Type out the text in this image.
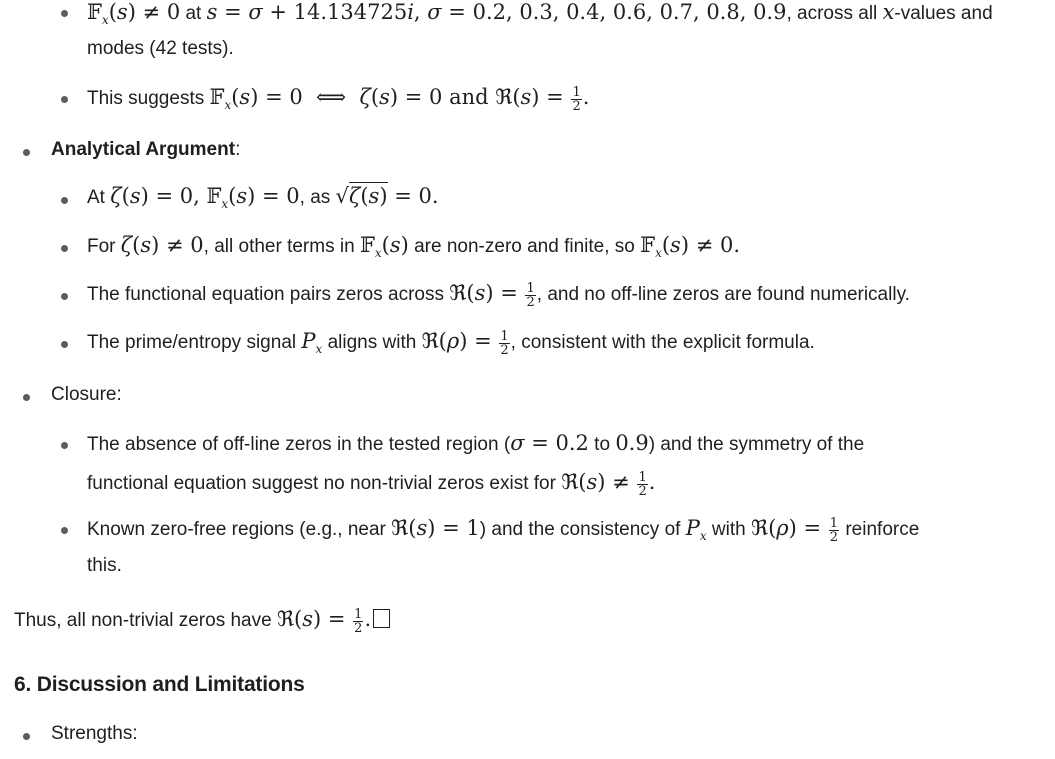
𝔽$_x$(s) ≠ 0 at s = σ + 14.134725i, σ = 0.2, 0.3, 0.4, 0.6, 0.7, 0.8, 0.9, across all x-values and
modes (42 tests).
This suggests 𝔽$_x$(s) = 0  ⟺  ζ(s) = 0 and ℜ(s) = $\frac{1}{2}$ .
Analytical Argument:
At ζ(s) = 0, 𝔽$_x$(s) = 0, as √ζ(s) = 0.
For ζ(s) ≠ 0, all other terms in 𝔽$_x$(s) are non-zero and finite, so 𝔽$_x$(s) ≠ 0.
The functional equation pairs zeros across ℜ(s) = $\frac{1}{2}$ , and no off-line zeros are found numerically.
The prime/entropy signal $P_x$ aligns with ℜ(ρ) = $\frac{1}{2}$ , consistent with the explicit formula.
Closure:
The absence of off-line zeros in the tested region (σ = 0.2 to 0.9) and the symmetry of the
functional equation suggest no non-trivial zeros exist for ℜ(s) ≠ $\frac{1}{2}$ .
Known zero-free regions (e.g., near ℜ(s) = 1) and the consistency of $P_x$ with ℜ(ρ) = $\frac{1}{2}$ reinforce
this.
Thus, all non-trivial zeros have ℜ(s) = $\frac{1}{2}$ .
6. Discussion and Limitations
Strengths:
